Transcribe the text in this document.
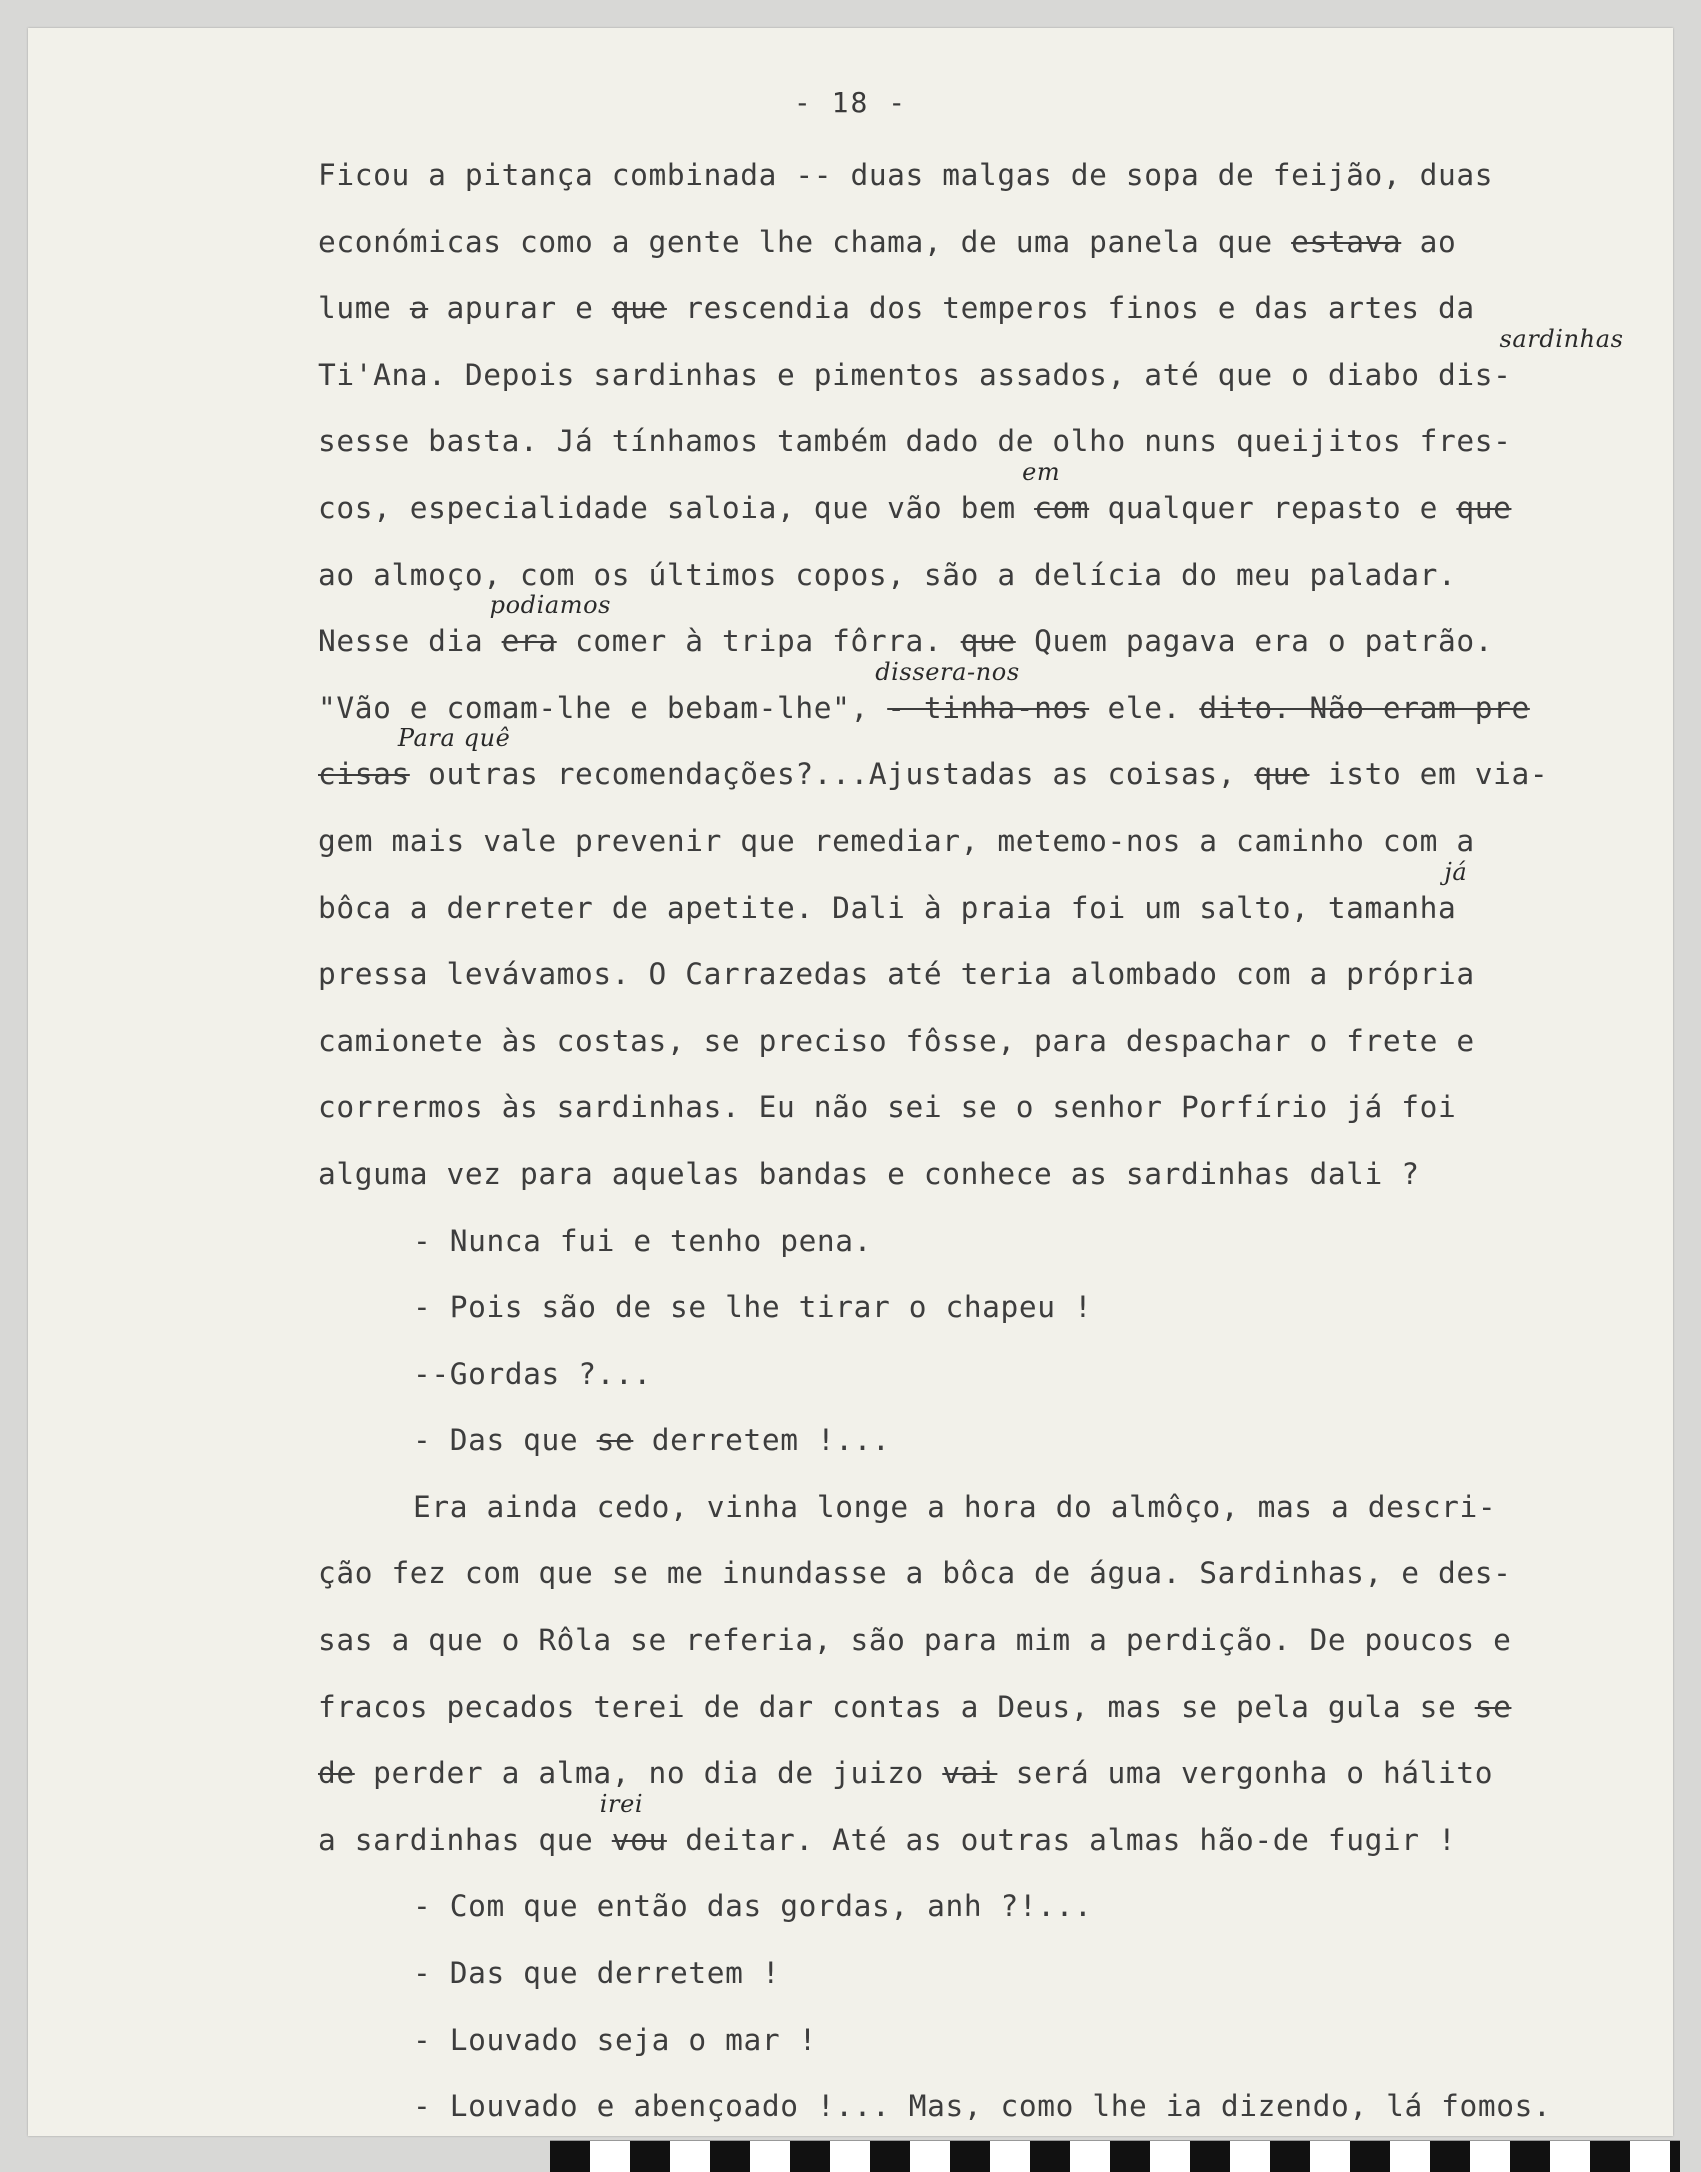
- 18 -
Ficou a pitança combinada -- duas malgas de sopa de feijão, duas
económicas como a gente lhe chama, de uma panela que estava ao
lume a apurar e que rescendia dos temperos finos e das artes da
Ti'Ana. Depois sardinhas e pimentos assados, até que o diabo dis-
sardinhas
sesse basta. Já tínhamos também dado de olho nuns queijitos fres-
cos, especialidade saloia, que vão bem
em
com qualquer repasto e que
ao almoço, com os últimos copos, são a delícia do meu paladar.
Nesse dia
podiamos
era comer à tripa fôrra. que Quem pagava era o patrão.
"Vão e comam-lhe e bebam-lhe",
dissera-nos
- tinha-nos ele. dito. Não eram pre
cisas
Para quê
outras recomendações?...Ajustadas as coisas, que isto em via-
gem mais vale prevenir que remediar, metemo-nos a caminho com a
bôca a derreter de apetite. Dali à praia foi um salto, tamanha
já
pressa levávamos. O Carrazedas até teria alombado com a própria
camionete às costas, se preciso fôsse, para despachar o frete e
corrermos às sardinhas. Eu não sei se o senhor Porfírio já foi
alguma vez para aquelas bandas e conhece as sardinhas dali ?
- Nunca fui e tenho pena.
- Pois são de se lhe tirar o chapeu !
--Gordas ?...
- Das que se derretem !...
Era ainda cedo, vinha longe a hora do almôço, mas a descri-
ção fez com que se me inundasse a bôca de água. Sardinhas, e des-
sas a que o Rôla se referia, são para mim a perdição. De poucos e
fracos pecados terei de dar contas a Deus, mas se pela gula se se
de perder a alma, no dia de juizo vai será uma vergonha o hálito
a sardinhas que
irei
vou deitar. Até as outras almas hão-de fugir !
- Com que então das gordas, anh ?!...
- Das que derretem !
- Louvado seja o mar !
- Louvado e abençoado !... Mas, como lhe ia dizendo, lá fomos.
